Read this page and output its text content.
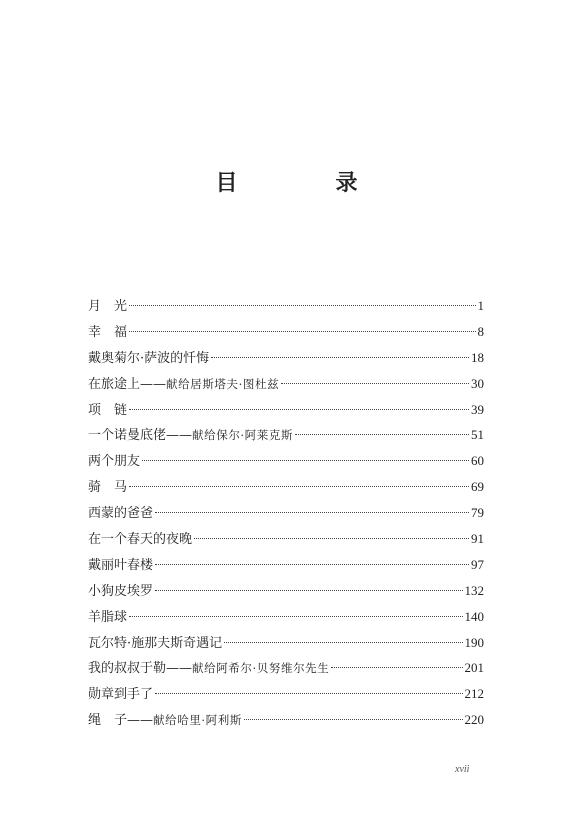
目　录
月　光	1
幸　福	8
戴奥菊尔·萨波的忏悔	18
在旅途上—— 献给居斯塔夫·图杜兹	30
项　链	39
一个诺曼底佬—— 献给保尔·阿莱克斯	51
两个朋友	60
骑　马	69
西蒙的爸爸	79
在一个春天的夜晚	91
戴丽叶春楼	97
小狗皮埃罗	132
羊脂球	140
瓦尔特·施那夫斯奇遇记	190
我的叔叔于勒—— 献给阿希尔·贝努维尔先生	201
勋章到手了	212
绳　子—— 献给哈里·阿利斯	220
xvii
